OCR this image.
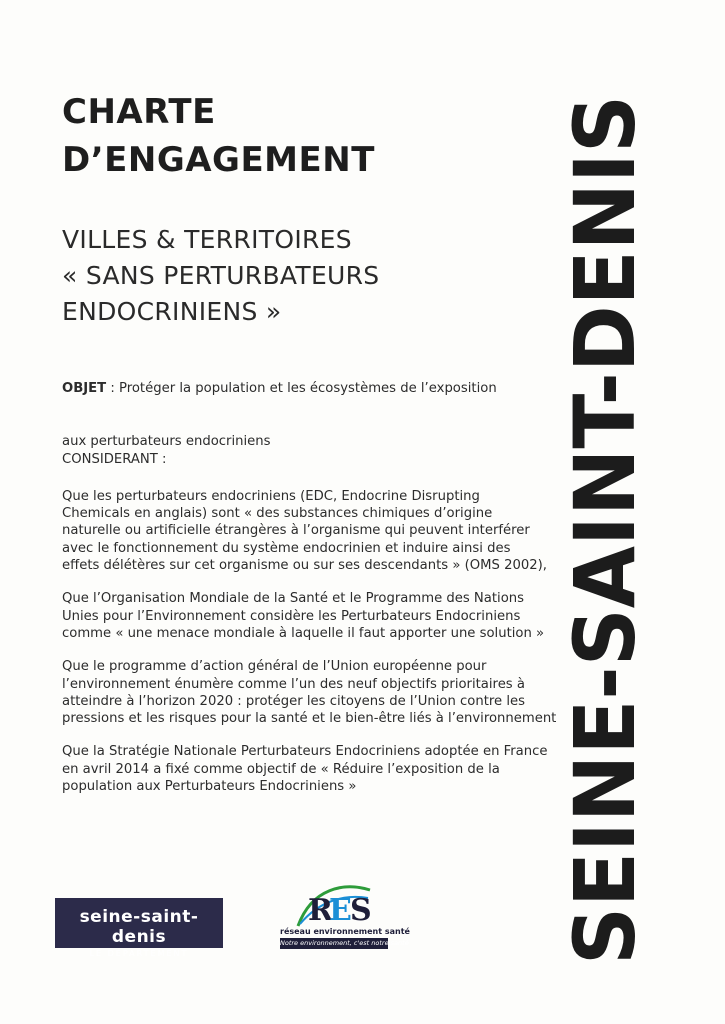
CHARTE
D’ENGAGEMENT
VILLES & TERRITOIRES
« SANS PERTURBATEURS
ENDOCRINIENS »

OBJET : Protéger la population et les écosystèmes de l’exposition

aux perturbateurs endocriniens

CONSIDERANT :

Que les perturbateurs endocriniens (EDC, Endocrine Disrupting
Chemicals en anglais) sont « des substances chimiques d’origine
naturelle ou artificielle étrangères à l’organisme qui peuvent interférer
avec le fonctionnement du système endocrinien et induire ainsi des
effets délétères sur cet organisme ou sur ses descendants » (OMS 2002),

Que l’Organisation Mondiale de la Santé et le Programme des Nations
Unies pour l’Environnement considère les Perturbateurs Endocriniens
comme « une menace mondiale à laquelle il faut apporter une solution »

Que le programme d’action général de l’Union européenne pour
l’environnement énumère comme l’un des neuf objectifs prioritaires à
atteindre à l’horizon 2020 : protéger les citoyens de l’Union contre les
pressions et les risques pour la santé et le bien-être liés à l’environnement

Que la Stratégie Nationale Perturbateurs Endocriniens adoptée en France
en avril 2014 a fixé comme objectif de « Réduire l’exposition de la
population aux Perturbateurs Endocriniens »	SEINE-SAINT-DENIS
seine-saint-denis
LE DÉPARTEMENT
R
E
S
réseau environnement santé
Notre environnement, c'est notre santé
